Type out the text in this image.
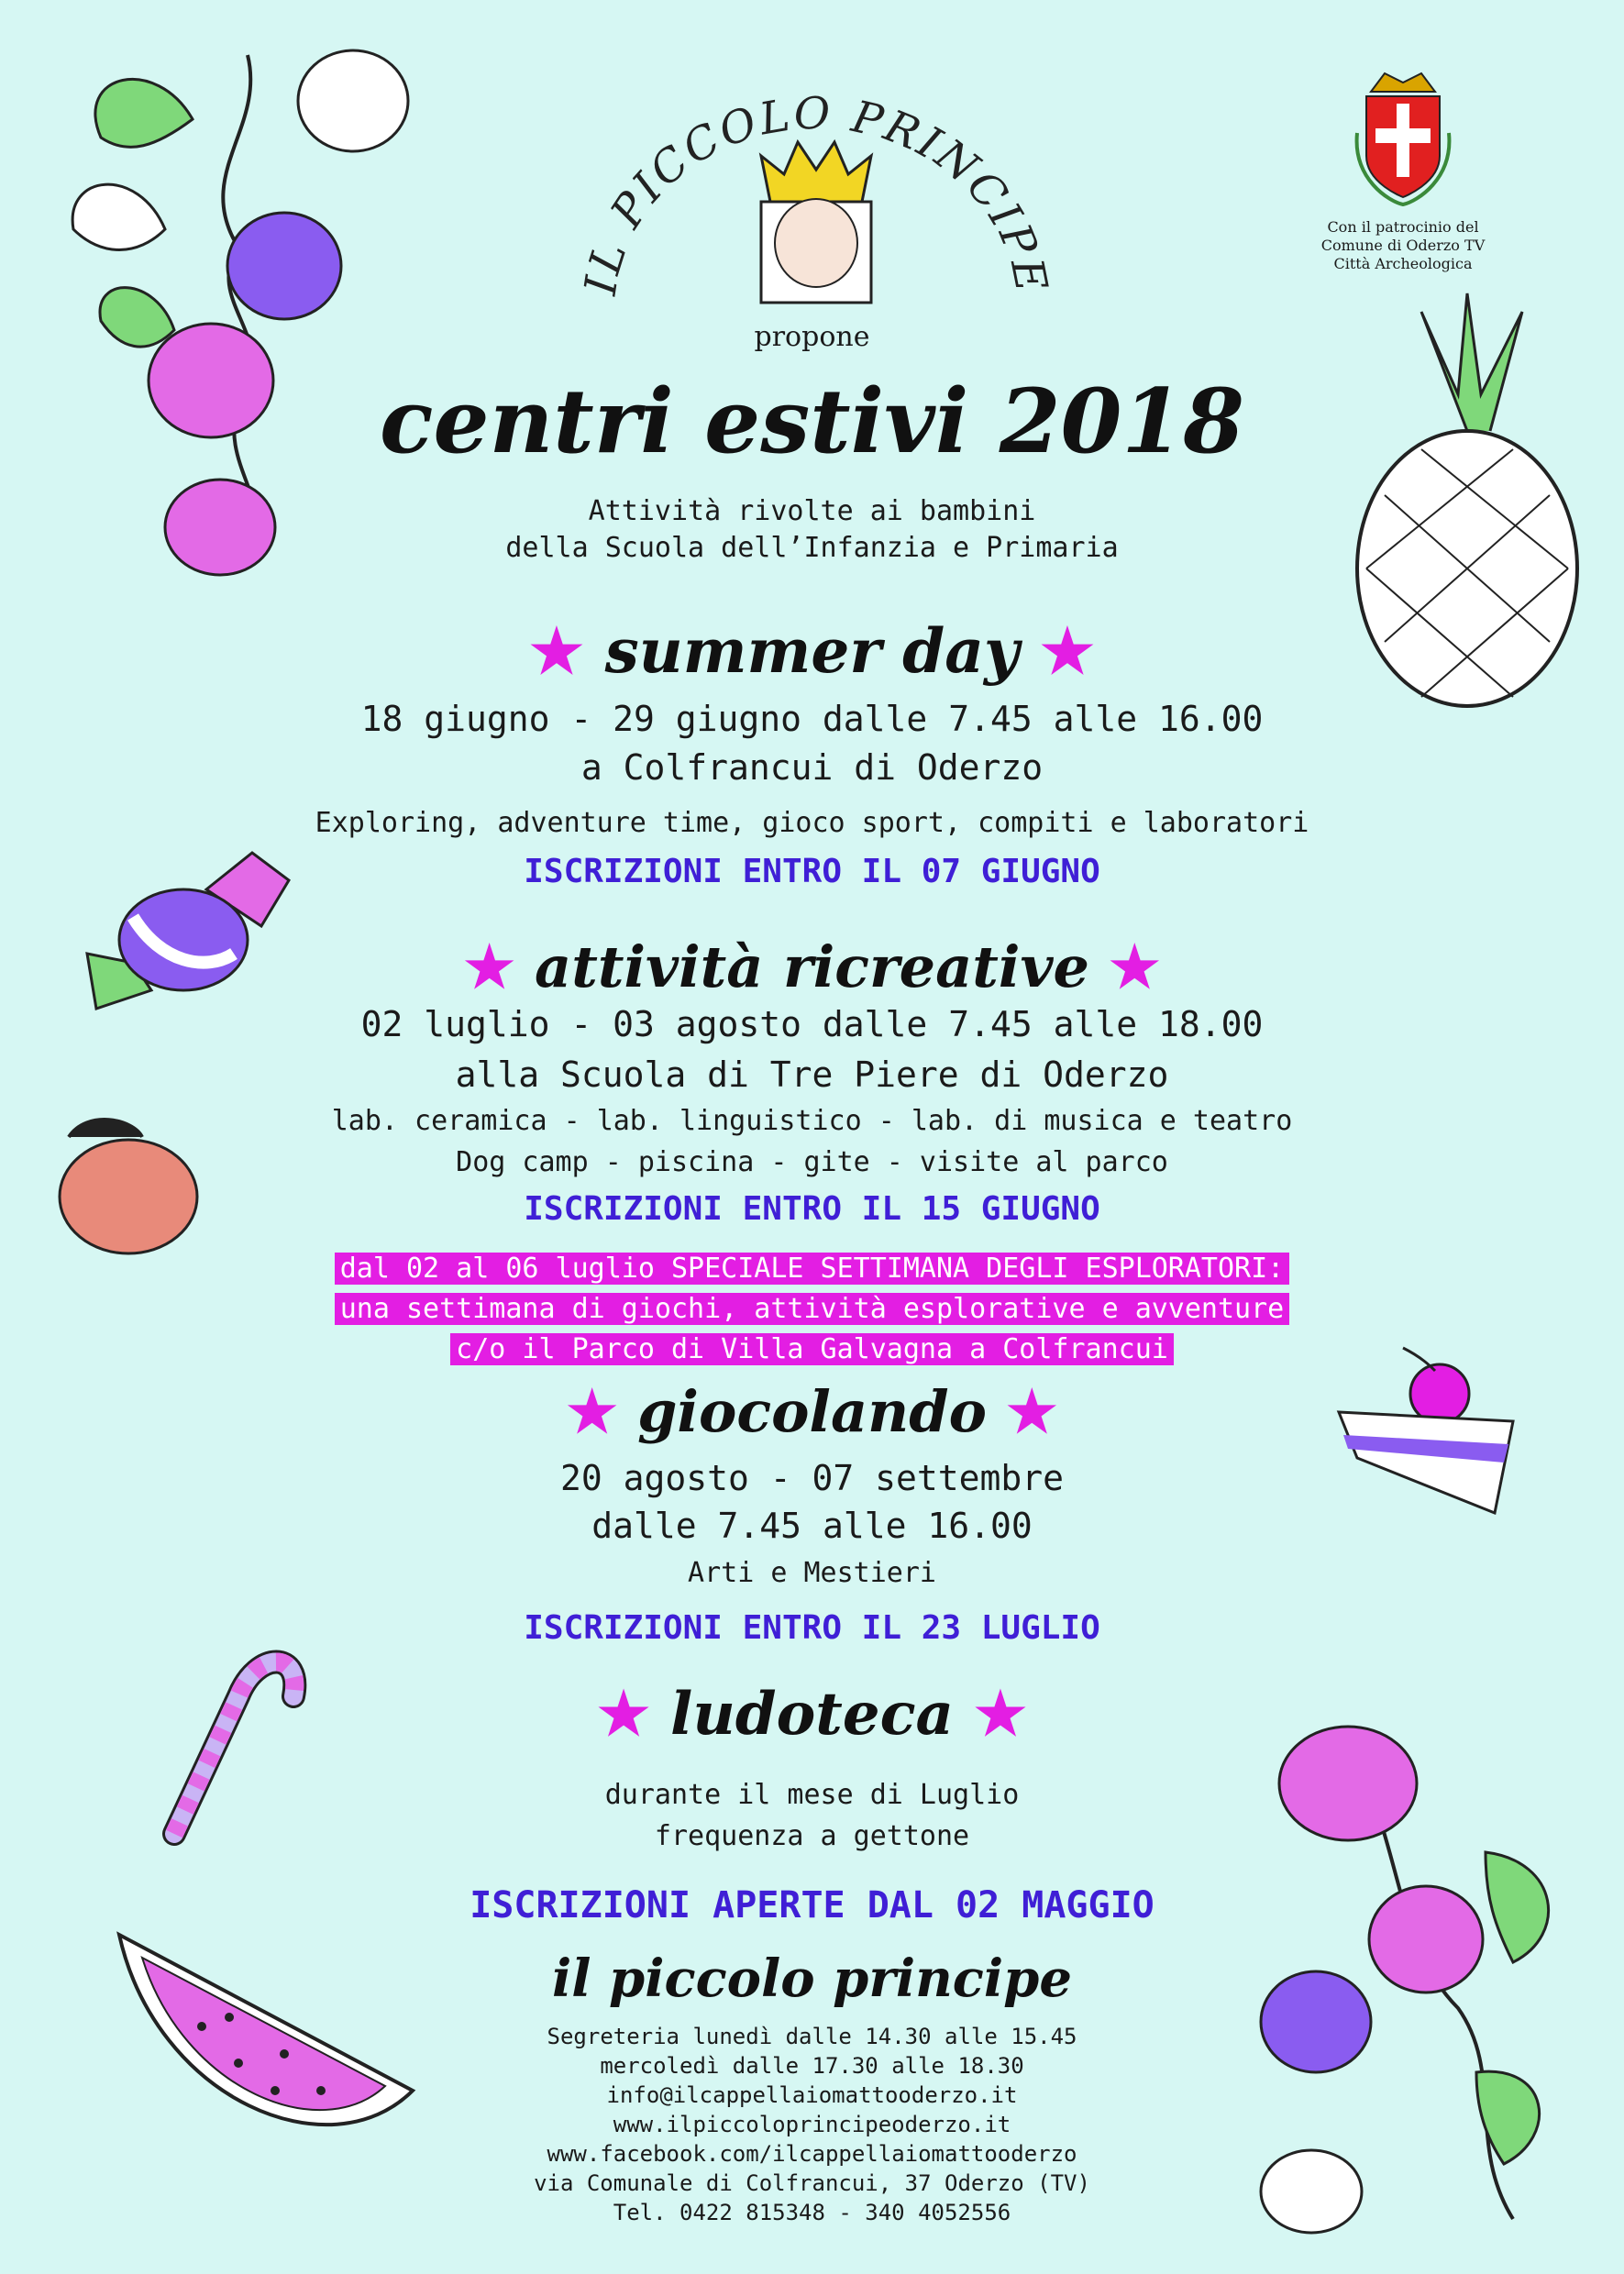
IL PICCOLO PRINCIPE
propone
Con il patrocinio del
Comune di Oderzo TV
Città Archeologica
centri estivi 2018
Attività rivolte ai bambini
della Scuola dell’Infanzia e Primaria
★ summer day ★
18 giugno - 29 giugno dalle 7.45 alle 16.00
a Colfrancui di Oderzo
Exploring, adventure time, gioco sport, compiti e laboratori
ISCRIZIONI ENTRO IL 07 GIUGNO
★ attività ricreative ★
02 luglio - 03 agosto dalle 7.45 alle 18.00
alla Scuola di Tre Piere di Oderzo
lab. ceramica - lab. linguistico - lab. di musica e teatro
Dog camp - piscina - gite - visite al parco
ISCRIZIONI ENTRO IL 15 GIUGNO
dal 02 al 06 luglio SPECIALE SETTIMANA DEGLI ESPLORATORI:
una settimana di giochi, attività esplorative e avventure
c/o il Parco di Villa Galvagna a Colfrancui
★ giocolando ★
20 agosto - 07 settembre
dalle 7.45 alle 16.00
Arti e Mestieri
ISCRIZIONI ENTRO IL 23 LUGLIO
★ ludoteca ★
durante il mese di Luglio
frequenza a gettone
ISCRIZIONI APERTE DAL 02 MAGGIO
il piccolo principe
Segreteria lunedì dalle 14.30 alle 15.45
mercoledì dalle 17.30 alle 18.30
info@ilcappellaiomattooderzo.it
www.ilpiccoloprincipeoderzo.it
www.facebook.com/ilcappellaiomattooderzo
via Comunale di Colfrancui, 37 Oderzo (TV)
Tel. 0422 815348 - 340 4052556
